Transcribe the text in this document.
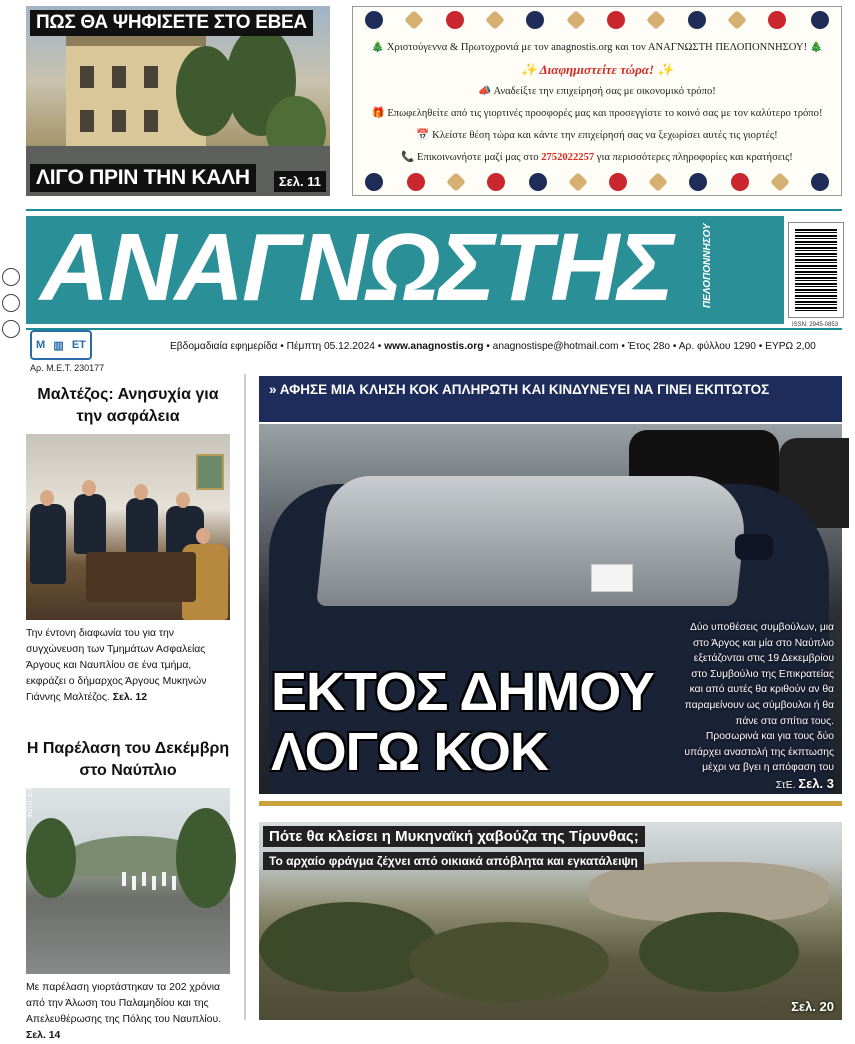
ΠΩΣ ΘΑ ΨΗΦΙΣΕΤΕ ΣΤΟ ΕΒΕΑ
ΛΙΓΟ ΠΡΙΝ ΤΗΝ ΚΑΛΗ	Σελ. 11
🎄 Χριστούγεννα & Πρωτοχρονιά με τον anagnostis.org και τον ΑΝΑΓΝΩΣΤΗ ΠΕΛΟΠΟΝΝΗΣΟΥ! 🎄
✨ Διαφημιστείτε τώρα! ✨
📣 Αναδείξτε την επιχείρησή σας με οικονομικό τρόπο!
🎁 Επωφεληθείτε από τις γιορτινές προσφορές μας και προσεγγίστε το κοινό σας με τον καλύτερο τρόπο!
📅 Κλείστε θέση τώρα και κάντε την επιχείρησή σας να ξεχωρίσει αυτές τις γιορτές!
📞 Επικοινωνήστε μαζί μας στο 2752022257 για περισσότερες πληροφορίες και κρατήσεις!
ΑΝΑΓΝΩΣΤΗΣ	ΠΕΛΟΠΟΝΝΗΣΟΥ
ISSN: 2945-0853
Μ ▥ ΕΤ
Αρ. Μ.Ε.Τ. 230177
Εβδομαδιαία εφημερίδα • Πέμπτη 05.12.2024 • www.anagnostis.org • anagnostispe@hotmail.com • Έτος 28ο • Αρ. φύλλου 1290 • ΕΥΡΩ 2,00
Μαλτέζος: Ανησυχία για την ασφάλεια
Την έντονη διαφωνία του για την συγχώνευση των Τμημάτων Ασφαλείας Άργους και Ναυπλίου σε ένα τμήμα, εκφράζει ο δήμαρχος Άργους Μυκηνών Γιάννης Μαλτέζος. Σελ. 12
Η Παρέλαση του Δεκέμβρη στο Ναύπλιο
ΦΩΤΟ: Δ. ΜΠΕΚΑΣ
Με παρέλαση γιορτάστηκαν τα 202 χρόνια από την Άλωση του Παλαμηδίου και της Απελευθέρωσης της Πόλης του Ναυπλίου. Σελ. 14
» ΑΦΗΣΕ ΜΙΑ ΚΛΗΣΗ ΚΟΚ ΑΠΛΗΡΩΤΗ ΚΑΙ ΚΙΝΔΥΝΕΥΕΙ ΝΑ ΓΙΝΕΙ ΕΚΠΤΩΤΟΣ
ΕΚΤΟΣ ΔΗΜΟΥ
ΛΟΓΩ ΚΟΚ
Δύο υποθέσεις συμβούλων, μια στο Άργος και μία στο Ναύπλιο εξετάζονται στις 19 Δεκεμβρίου στο Συμβούλιο της Επικρατείας και από αυτές θα κριθούν αν θα παραμείνουν ως σύμβουλοι ή θα πάνε στα σπίτια τους. Προσωρινά και για τους δύο υπάρχει αναστολή της έκπτωσης μέχρι να βγει η απόφαση του ΣτΕ. Σελ. 3
Πότε θα κλείσει η Μυκηναϊκή χαβούζα της Τίρυνθας;
Το αρχαίο φράγμα ζέχνει από οικιακά απόβλητα και εγκατάλειψη
Σελ. 20
